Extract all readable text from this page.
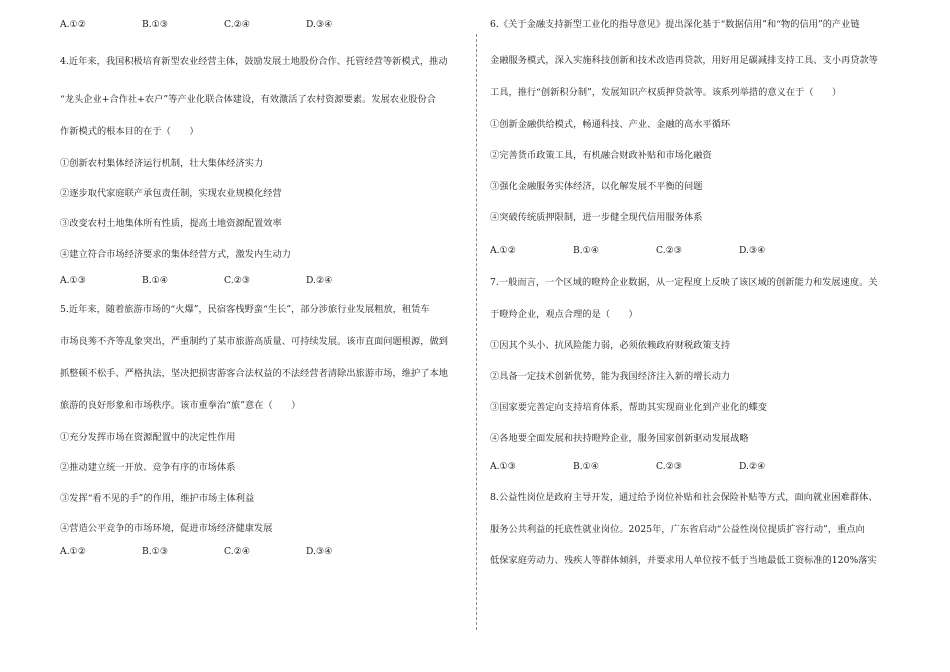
A.①②	B.①③	C.②④	D.③④
4.近年来，我国积极培育新型农业经营主体，鼓励发展土地股份合作、托管经营等新模式，推动
“龙头企业+合作社+农户”等产业化联合体建设，有效激活了农村资源要素。发展农业股份合
作新模式的根本目的在于（　　）
①创新农村集体经济运行机制，壮大集体经济实力
②逐步取代家庭联产承包责任制，实现农业规模化经营
③改变农村土地集体所有性质，提高土地资源配置效率
④建立符合市场经济要求的集体经营方式，激发内生动力
A.①③	B.①④	C.②③	D.②④
5.近年来，随着旅游市场的“火爆”，民宿客栈野蛮“生长”，部分涉旅行业发展粗放，租赁车
市场良莠不齐等乱象突出，严重制约了某市旅游高质量、可持续发展。该市直面问题根源，做到
抓整顿不松手、严格执法，坚决把损害游客合法权益的不法经营者清除出旅游市场，维护了本地
旅游的良好形象和市场秩序。该市重拳治“旅”意在（　　）
①充分发挥市场在资源配置中的决定性作用
②推动建立统一开放、竞争有序的市场体系
③发挥“看不见的手”的作用，维护市场主体利益
④营造公平竞争的市场环境，促进市场经济健康发展
A.①②	B.①③	C.②④	D.③④
6.《关于金融支持新型工业化的指导意见》提出深化基于“数据信用”和“物的信用”的产业链
金融服务模式，深入实施科技创新和技术改造再贷款，用好用足碳减排支持工具、支小再贷款等
工具，推行“创新积分制”，发展知识产权质押贷款等。该系列举措的意义在于（　　）
①创新金融供给模式，畅通科技、产业、金融的高水平循环
②完善货币政策工具，有机融合财政补贴和市场化融资
③强化金融服务实体经济，以化解发展不平衡的问题
④突破传统质押限制，进一步健全现代信用服务体系
A.①②	B.①④	C.②③	D.③④
7.一般而言，一个区域的瞪羚企业数据，从一定程度上反映了该区域的创新能力和发展速度。关
于瞪羚企业，观点合理的是（　　）
①因其个头小、抗风险能力弱，必须依赖政府财税政策支持
②具备一定技术创新优势，能为我国经济注入新的增长动力
③国家要完善定向支持培育体系，帮助其实现商业化到产业化的蝶变
④各地要全面发展和扶持瞪羚企业，服务国家创新驱动发展战略
A.①③	B.①④	C.②③	D.②④
8.公益性岗位是政府主导开发，通过给予岗位补贴和社会保险补贴等方式，面向就业困难群体、
服务公共利益的托底性就业岗位。2025年，广东省启动“公益性岗位提质扩容行动”，重点向
低保家庭劳动力、残疾人等群体倾斜，并要求用人单位按不低于当地最低工资标准的120%落实
